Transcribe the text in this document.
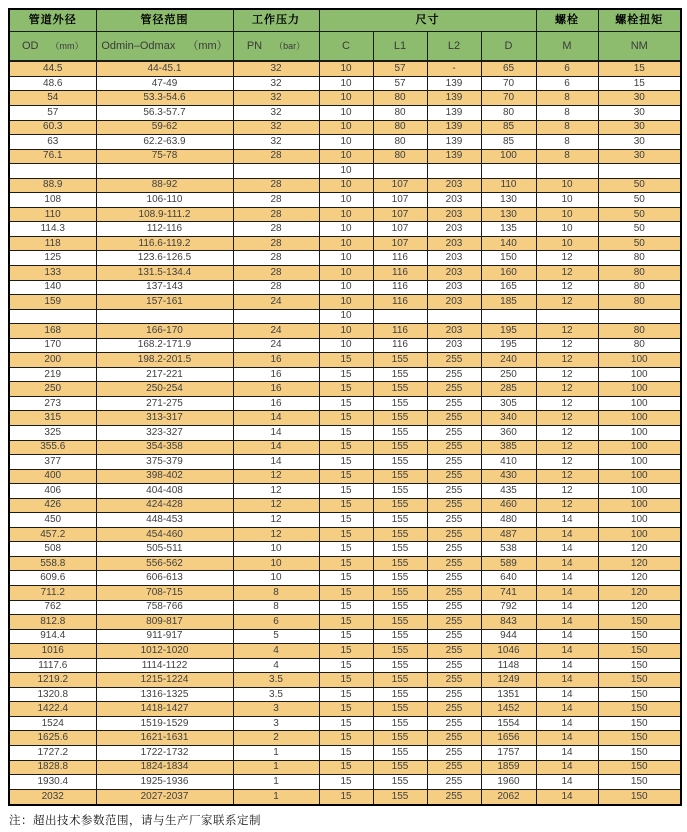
管道外径	管径范围	工作压力	尺寸				螺栓	螺栓扭矩
OD （mm）	Odmin–Odmax （mm）	PN （bar）	C	L1	L2	D	M	NM

44.5	44-45.1	32	10	57	-	65	6	15
48.6	47-49	32	10	57	139	70	6	15
54	53.3-54.6	32	10	80	139	70	8	30
57	56.3-57.7	32	10	80	139	80	8	30
60.3	59-62	32	10	80	139	85	8	30
63	62.2-63.9	32	10	80	139	85	8	30
76.1	75-78	28	10	80	139	100	8	30
			10					
88.9	88-92	28	10	107	203	110	10	50
108	106-110	28	10	107	203	130	10	50
110	108.9-111.2	28	10	107	203	130	10	50
114.3	112-116	28	10	107	203	135	10	50
118	116.6-119.2	28	10	107	203	140	10	50
125	123.6-126.5	28	10	116	203	150	12	80
133	131.5-134.4	28	10	116	203	160	12	80
140	137-143	28	10	116	203	165	12	80
159	157-161	24	10	116	203	185	12	80
			10					
168	166-170	24	10	116	203	195	12	80
170	168.2-171.9	24	10	116	203	195	12	80
200	198.2-201.5	16	15	155	255	240	12	100
219	217-221	16	15	155	255	250	12	100
250	250-254	16	15	155	255	285	12	100
273	271-275	16	15	155	255	305	12	100
315	313-317	14	15	155	255	340	12	100
325	323-327	14	15	155	255	360	12	100
355.6	354-358	14	15	155	255	385	12	100
377	375-379	14	15	155	255	410	12	100
400	398-402	12	15	155	255	430	12	100
406	404-408	12	15	155	255	435	12	100
426	424-428	12	15	155	255	460	12	100
450	448-453	12	15	155	255	480	14	100
457.2	454-460	12	15	155	255	487	14	100
508	505-511	10	15	155	255	538	14	120
558.8	556-562	10	15	155	255	589	14	120
609.6	606-613	10	15	155	255	640	14	120
711.2	708-715	8	15	155	255	741	14	120
762	758-766	8	15	155	255	792	14	120
812.8	809-817	6	15	155	255	843	14	150
914.4	911-917	5	15	155	255	944	14	150
1016	1012-1020	4	15	155	255	1046	14	150
1117.6	1114-1122	4	15	155	255	1148	14	150
1219.2	1215-1224	3.5	15	155	255	1249	14	150
1320.8	1316-1325	3.5	15	155	255	1351	14	150
1422.4	1418-1427	3	15	155	255	1452	14	150
1524	1519-1529	3	15	155	255	1554	14	150
1625.6	1621-1631	2	15	155	255	1656	14	150
1727.2	1722-1732	1	15	155	255	1757	14	150
1828.8	1824-1834	1	15	155	255	1859	14	150
1930.4	1925-1936	1	15	155	255	1960	14	150
2032	2027-2037	1	15	155	255	2062	14	150
注：超出技术参数范围，请与生产厂家联系定制
